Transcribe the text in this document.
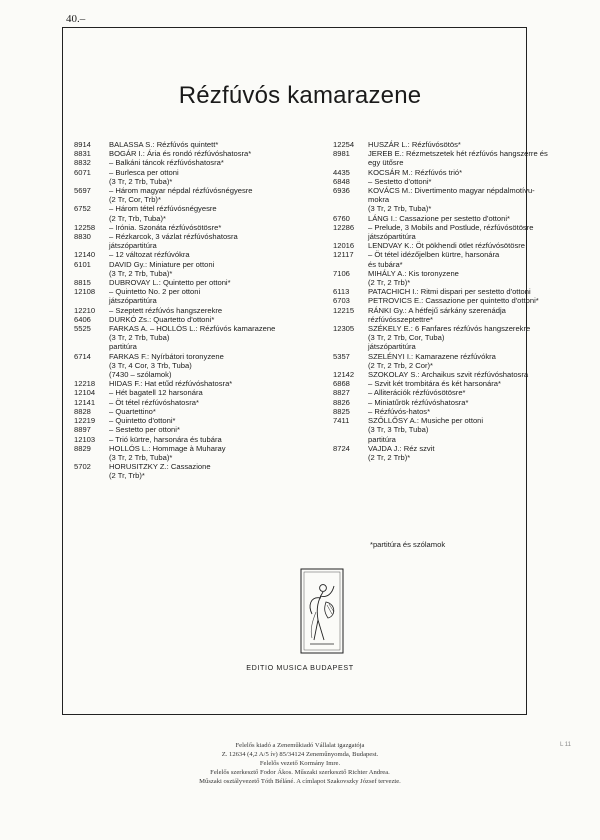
40.–
Rézfúvós kamarazene
8914	BALASSA S.: Rézfúvós quintett*
8831	BOGÁR I.: Ária és rondó rézfúvóshatosra*
8832	– Balkáni táncok rézfúvóshatosra*
6071	– Burlesca per ottoni
(3 Tr, 2 Trb, Tuba)*
5697	– Három magyar népdal rézfúvósnégyesre
(2 Tr, Cor, Trb)*
6752	– Három tétel rézfúvósnégyesre
(2 Tr, Trb, Tuba)*
12258	– Irónia. Szonáta rézfúvósötösre*
8830	– Rézkarcok, 3 vázlat rézfúvóshatosra
játszópartitúra
12140	– 12 változat rézfúvókra
6101	DAVID Gy.: Miniature per ottoni
(3 Tr, 2 Trb, Tuba)*
8815	DUBROVAY L.: Quintetto per ottoni*
12108	– Quintetto No. 2 per ottoni
játszópartitúra
12210	– Szeptett rézfúvós hangszerekre
6406	DURKÓ Zs.: Quartetto d'ottoni*
5525	FARKAS A. – HOLLÓS L.: Rézfúvós kamarazene
(3 Tr, 2 Trb, Tuba)
partitúra
6714	FARKAS F.: Nyírbátori toronyzene
(3 Tr, 4 Cor, 3 Trb, Tuba)
(7430 – szólamok)
12218	HIDAS F.: Hat etűd rézfúvóshatosra*
12104	– Hét bagatell 12 harsonára
12141	– Öt tétel rézfúvóshatosra*
8828	– Quartettino*
12219	– Quintetto d'ottoni*
8897	– Sestetto per ottoni*
12103	– Trió kürtre, harsonára és tubára
8829	HOLLÓS L.: Hommage à Muharay
(3 Tr, 2 Trb, Tuba)*
5702	HORUSITZKY Z.: Cassazione
(2 Tr, Trb)*
12254	HUSZÁR L.: Rézfúvósötös*
8981	JEREB E.: Rézmetszetek hét rézfúvós hangszerre és
egy ütősre
4435	KOCSÁR M.: Rézfúvós trió*
6848	– Sestetto d'ottoni*
6936	KOVÁCS M.: Divertimento magyar népdalmotívu-
mokra
(3 Tr, 2 Trb, Tuba)*
6760	LÁNG I.: Cassazione per sestetto d'ottoni*
12286	– Prelude, 3 Mobils and Postlude, rézfúvósötösre
játszópartitúra
12016	LENDVAY K.: Öt pökhendi ötlet rézfúvósötösre
12117	– Öt tétel idézőjelben kürtre, harsonára
és tubára*
7106	MIHÁLY A.: Kis toronyzene
(2 Tr, 2 Trb)*
6113	PATACHICH I.: Ritmi dispari per sestetto d'ottoni
6703	PETROVICS E.: Cassazione per quintetto d'ottoni*
12215	RÁNKI Gy.: A hétfejű sárkány szerenádja
rézfúvósszeptettre*
12305	SZÉKELY E.: 6 Fanfares rézfúvós hangszerekre
(3 Tr, 2 Trb, Cor, Tuba)
játszópartitúra
5357	SZELÉNYI I.: Kamarazene rézfúvókra
(2 Tr, 2 Trb, 2 Cor)*
12142	SZOKOLAY S.: Archaikus szvit rézfúvóshatosra
6868	– Szvit két trombitára és két harsonára*
8827	– Alliterációk rézfúvósötösre*
8826	– Miniatűrök rézfúvóshatosra*
8825	– Rézfúvós-hatos*
7411	SZŐLLŐSY A.: Musiche per ottoni
(3 Tr, 3 Trb, Tuba)
partitúra
8724	VAJDA J.: Réz szvit
(2 Tr, 2 Trb)*
*partitúra és szólamok
EDITIO MUSICA BUDAPEST
Felelős kiadó a Zeneműkiadó Vállalat igazgatója
Z. 12634 (4,2 A/5 ív) 85/34124 Zeneműnyomda, Budapest.
Felelős vezető Kormány Imre.
Felelős szerkesztő Fodor Ákos. Műszaki szerkesztő Richter Andrea.
Műszaki osztályvezető Tóth Béláné. A címlapot Szakovszky József tervezte.
L 11
